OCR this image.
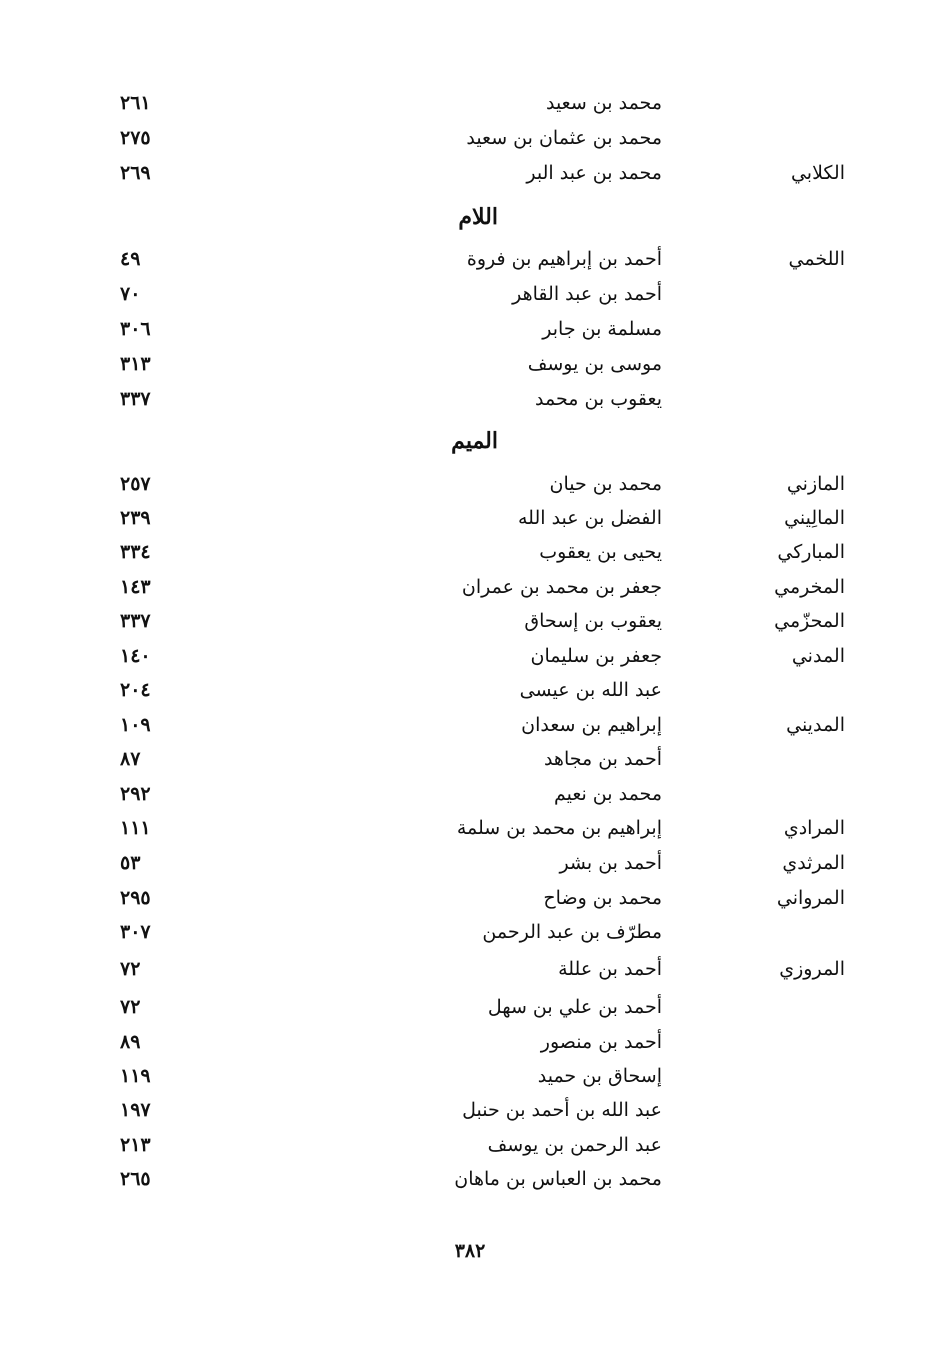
محمد بن سعيد
٢٦١
محمد بن عثمان بن سعيد
٢٧٥
الكلابي
محمد بن عبد البر
٢٦٩
اللام
اللخمي
أحمد بن إبراهيم بن فروة
٤٩
أحمد بن عبد القاهر
٧٠
مسلمة بن جابر
٣٠٦
موسى بن يوسف
٣١٣
يعقوب بن محمد
٣٣٧
الميم
المازني
محمد بن حيان
٢٥٧
المالِيني
الفضل بن عبد الله
٢٣٩
المباركي
يحيى بن يعقوب
٣٣٤
المخرمي
جعفر بن محمد بن عمران
١٤٣
المحزّمي
يعقوب بن إسحاق
٣٣٧
المدني
جعفر بن سليمان
١٤٠
عبد الله بن عيسى
٢٠٤
المديني
إبراهيم بن سعدان
١٠٩
أحمد بن مجاهد
٨٧
محمد بن نعيم
٢٩٢
المرادي
إبراهيم بن محمد بن سلمة
١١١
المرثدي
أحمد بن بشر
٥٣
المرواني
محمد بن وضاح
٢٩٥
مطرّف بن عبد الرحمن
٣٠٧
المروزي
أحمد بن عللة
٧٢
أحمد بن علي بن سهل
٧٢
أحمد بن منصور
٨٩
إسحاق بن حميد
١١٩
عبد الله بن أحمد بن حنبل
١٩٧
عبد الرحمن بن يوسف
٢١٣
محمد بن العباس بن ماهان
٢٦٥
٣٨٢
